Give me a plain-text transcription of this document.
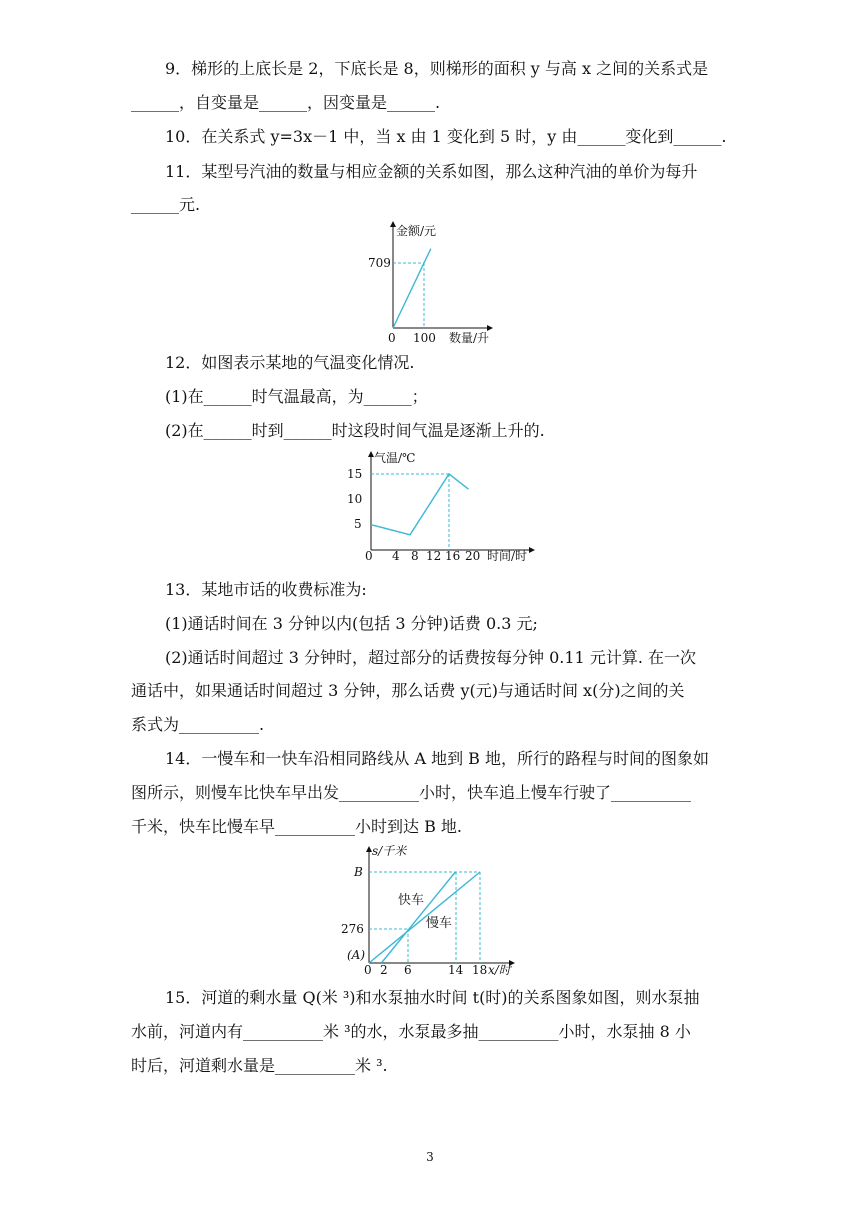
9．梯形的上底长是 2，下底长是 8，则梯形的面积 y 与高 x 之间的关系式是
______，自变量是______，因变量是______.
10．在关系式 y=3x－1 中，当 x 由 1 变化到 5 时，y 由______变化到______.
11．某型号汽油的数量与相应金额的关系如图，那么这种汽油的单价为每升
______元.
金额/元
709
0 100 数量/升
12．如图表示某地的气温变化情况.
(1)在______时气温最高，为______；
(2)在______时到______时这段时间气温是逐渐上升的.
气温/℃
5
10
15
0 4 8 12 16 20 时间/时
13．某地市话的收费标准为:
(1)通话时间在 3 分钟以内(包括 3 分钟)话费 0.3 元;
(2)通话时间超过 3 分钟时，超过部分的话费按每分钟 0.11 元计算. 在一次
通话中，如果通话时间超过 3 分钟，那么话费 y(元)与通话时间 x(分)之间的关
系式为__________.
14．一慢车和一快车沿相同路线从 A 地到 B 地，所行的路程与时间的图象如
图所示，则慢车比快车早出发__________小时，快车追上慢车行驶了__________
千米，快车比慢车早__________小时到达 B 地.
s/千米
B
276
(A)
0 2 6	14 18 x/时
快车
慢车
15．河道的剩水量 Q(米 ³)和水泵抽水时间 t(时)的关系图象如图，则水泵抽
水前，河道内有__________米 ³的水，水泵最多抽__________小时，水泵抽 8 小
时后，河道剩水量是__________米 ³.
3
